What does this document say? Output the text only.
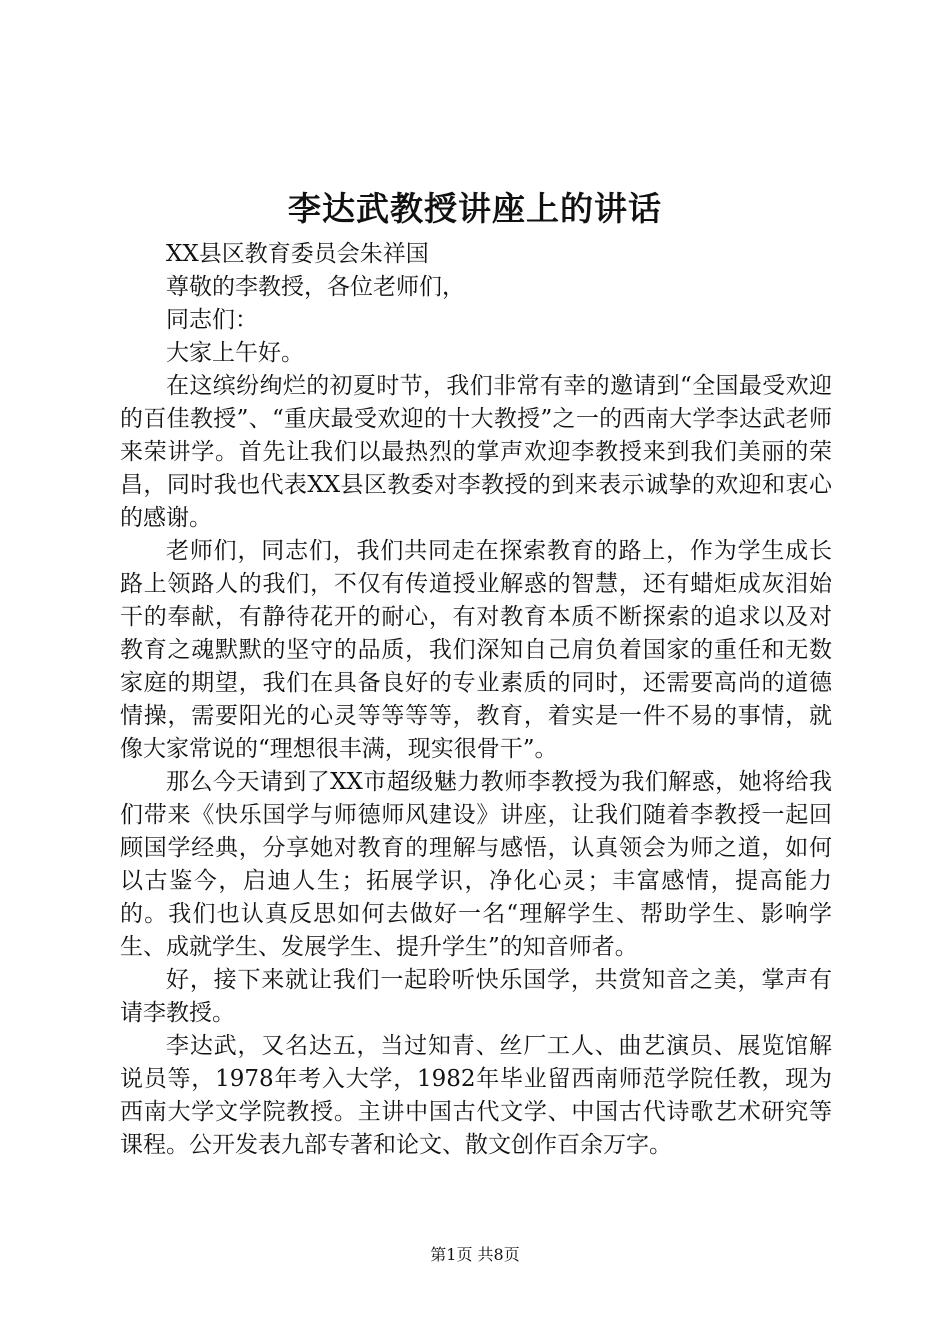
李达武教授讲座上的讲话

XX县区教育委员会朱祥国

尊敬的李教授，各位老师们，

同志们：

大家上午好。

在这缤纷绚烂的初夏时节，我们非常有幸的邀请到“全国最受欢迎的百佳教授”、“重庆最受欢迎的十大教授”之一的西南大学李达武老师来荣讲学。首先让我们以最热烈的掌声欢迎李教授来到我们美丽的荣昌，同时我也代表XX县区教委对李教授的到来表示诚挚的欢迎和衷心的感谢。

老师们，同志们，我们共同走在探索教育的路上，作为学生成长路上领路人的我们，不仅有传道授业解惑的智慧，还有蜡炬成灰泪始干的奉献，有静待花开的耐心，有对教育本质不断探索的追求以及对教育之魂默默的坚守的品质，我们深知自己肩负着国家的重任和无数家庭的期望，我们在具备良好的专业素质的同时，还需要高尚的道德情操，需要阳光的心灵等等等等，教育，着实是一件不易的事情，就像大家常说的“理想很丰满，现实很骨干”。

那么今天请到了XX市超级魅力教师李教授为我们解惑，她将给我们带来《快乐国学与师德师风建设》讲座，让我们随着李教授一起回顾国学经典，分享她对教育的理解与感悟，认真领会为师之道，如何以古鉴今，启迪人生；拓展学识，净化心灵；丰富感情，提高能力的。我们也认真反思如何去做好一名“理解学生、帮助学生、影响学生、成就学生、发展学生、提升学生”的知音师者。

好，接下来就让我们一起聆听快乐国学，共赏知音之美，掌声有请李教授。

李达武，又名达五，当过知青、丝厂工人、曲艺演员、展览馆解说员等，1978年考入大学，1982年毕业留西南师范学院任教，现为西南大学文学院教授。主讲中国古代文学、中国古代诗歌艺术研究等课程。公开发表九部专著和论文、散文创作百余万字。

第1页 共8页
